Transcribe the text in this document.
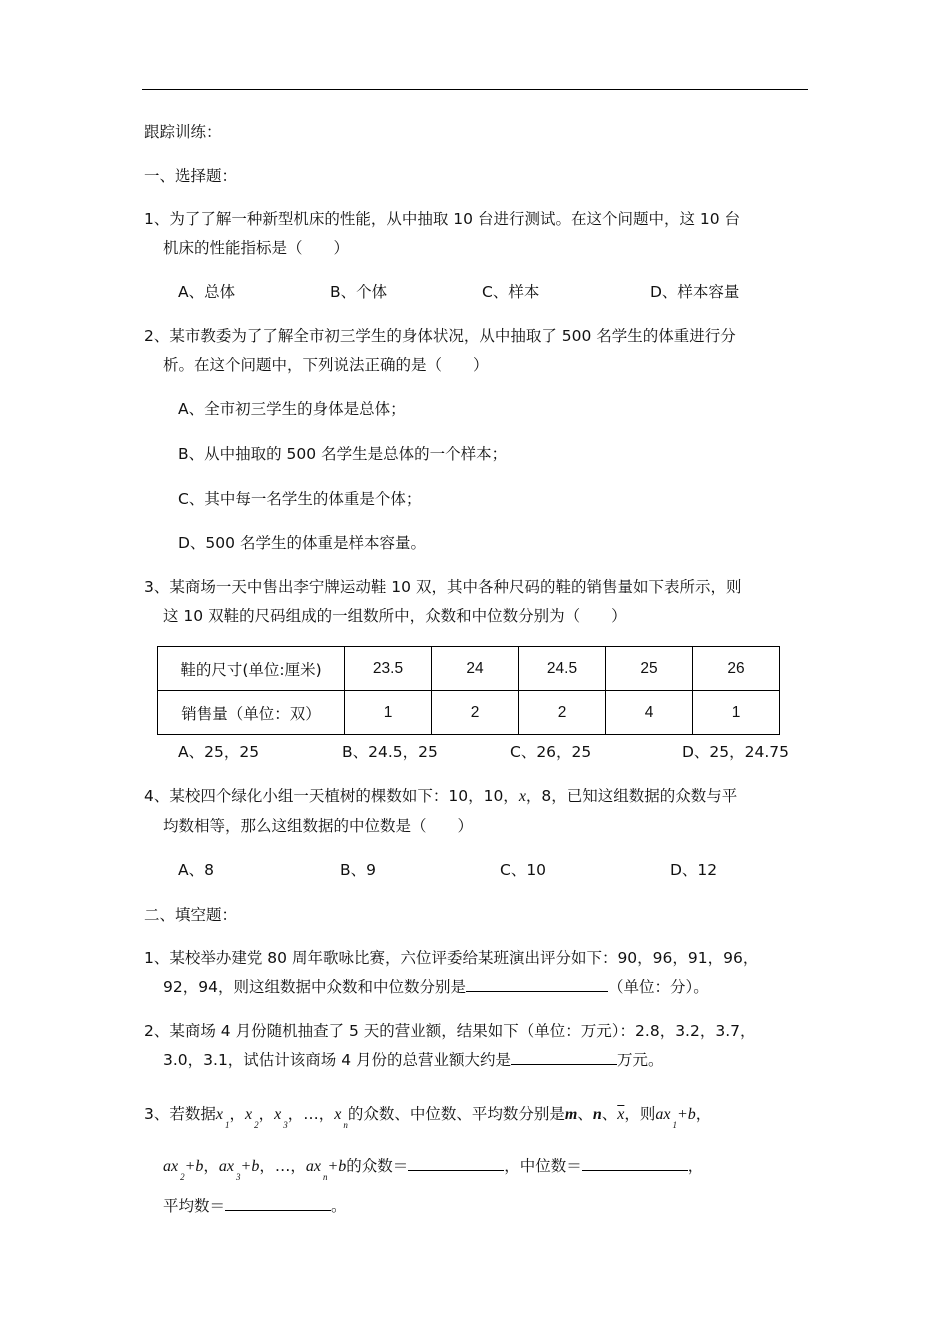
跟踪训练：
一、选择题：
1、为了了解一种新型机床的性能，从中抽取 10 台进行测试。在这个问题中，这 10 台
机床的性能指标是（　　）
A、总体	B、个体	C、样本	D、样本容量
2、某市教委为了了解全市初三学生的身体状况，从中抽取了 500 名学生的体重进行分
析。在这个问题中，下列说法正确的是（　　）
A、全市初三学生的身体是总体；
B、从中抽取的 500 名学生是总体的一个样本；
C、其中每一名学生的体重是个体；
D、500 名学生的体重是样本容量。
3、某商场一天中售出李宁牌运动鞋 10 双，其中各种尺码的鞋的销售量如下表所示，则
这 10 双鞋的尺码组成的一组数所中，众数和中位数分别为（　　）
鞋的尺寸(单位:厘米)	23.5	24	24.5	25	26
销售量（单位：双）	1	2	2	4	1
A、25，25	B、24.5，25	C、26，25	D、25，24.75
4、某校四个绿化小组一天植树的棵数如下：10，10，x，8，已知这组数据的众数与平
均数相等，那么这组数据的中位数是（　　）
A、8	B、9	C、10	D、12
二、填空题：
1、某校举办建党 80 周年歌咏比赛，六位评委给某班演出评分如下：90，96，91，96，
92，94，则这组数据中众数和中位数分别是	（单位：分）。
2、某商场 4 月份随机抽查了 5 天的营业额，结果如下（单位：万元）：2.8，3.2，3.7，
3.0，3.1，试估计该商场 4 月份的总营业额大约是	万元。
3、若数据$x_1$，$x_2$，$x_3$，…，$x_n$的众数、中位数、平均数分别是m、n、$\overline{x}$，则$ax_1+b$，
$ax_2+b$，$ax_3+b$，…，$ax_n+b$的众数＝	，中位数＝	，
平均数＝	。
